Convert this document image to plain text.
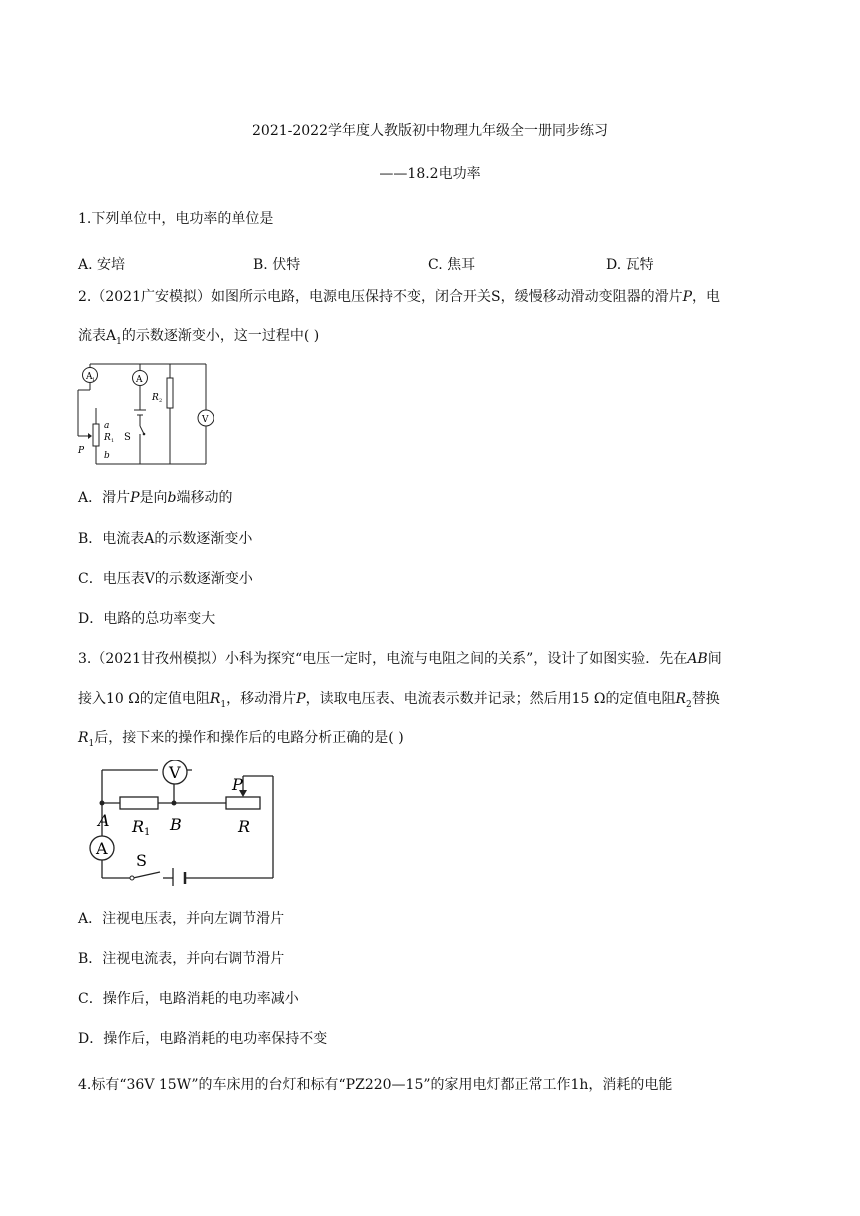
2021-2022学年度人教版初中物理九年级全一册同步练习
——18.2电功率
1.下列单位中，电功率的单位是
A. 安培	B. 伏特	C. 焦耳	D. 瓦特
2.（2021广安模拟）如图所示电路，电源电压保持不变，闭合开关S，缓慢移动滑动变阻器的滑片P，电
流表$A_1$的示数逐渐变小，这一过程中( )
A 1	A
R 2
V
a
R 1
P b
S
A．滑片P是向b端移动的
B．电流表A的示数逐渐变小
C．电压表V的示数逐渐变小
D．电路的总功率变大
3.（2021甘孜州模拟）小科为探究“电压一定时，电流与电阻之间的关系”，设计了如图实验．先在AB间
接入10 Ω的定值电阻$R_1$，移动滑片P，读取电压表、电流表示数并记录；然后用15 Ω的定值电阻$R_2$替换
$R_1$后，接下来的操作和操作后的电路分析正确的是( )
V
A
A	B
R 1
P
R
S
A．注视电压表，并向左调节滑片
B．注视电流表，并向右调节滑片
C．操作后，电路消耗的电功率减小
D．操作后，电路消耗的电功率保持不变
4.标有“36V 15W”的车床用的台灯和标有“PZ220—15”的家用电灯都正常工作1h，消耗的电能
